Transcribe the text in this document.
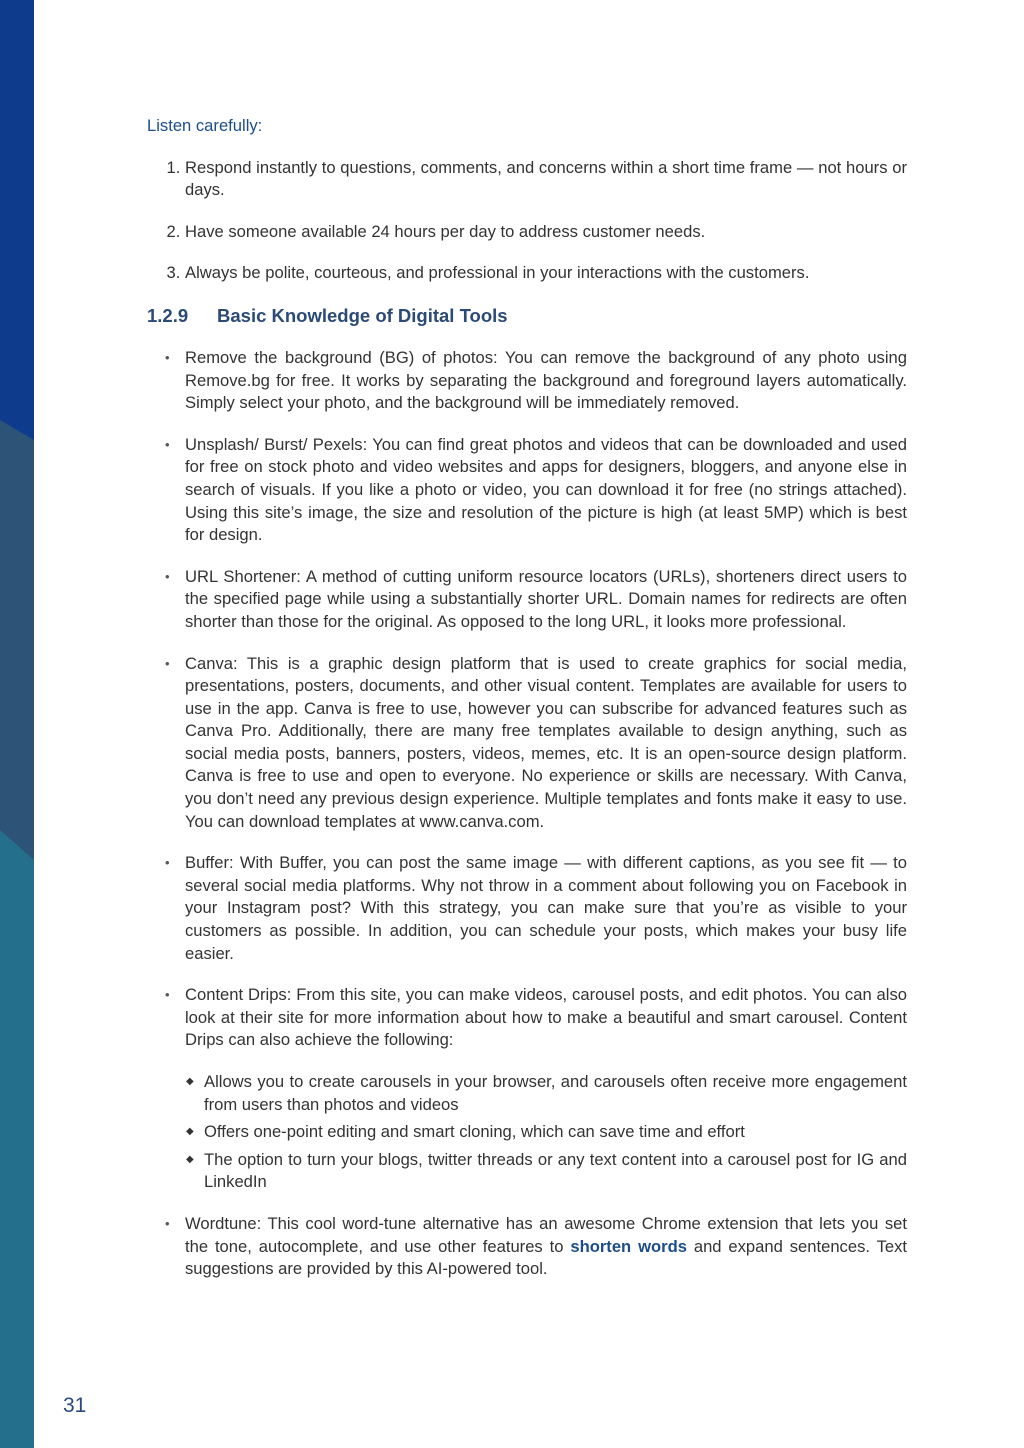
Listen carefully:

1. Respond instantly to questions, comments, and concerns within a short time frame — not hours or days.
2. Have someone available 24 hours per day to address customer needs.
3. Always be polite, courteous, and professional in your interactions with the customers.
1.2.9 Basic Knowledge of Digital Tools
• Remove the background (BG) of photos: You can remove the background of any photo using Remove.bg for free. It works by separating the background and foreground layers automatically. Simply select your photo, and the background will be immediately removed.
• Unsplash/ Burst/ Pexels: You can find great photos and videos that can be downloaded and used for free on stock photo and video websites and apps for designers, bloggers, and anyone else in search of visuals. If you like a photo or video, you can download it for free (no strings attached). Using this site’s image, the size and resolution of the picture is high (at least 5MP) which is best for design.
• URL Shortener: A method of cutting uniform resource locators (URLs), shorteners direct users to the specified page while using a substantially shorter URL. Domain names for redirects are often shorter than those for the original. As opposed to the long URL, it looks more professional.
• Canva: This is a graphic design platform that is used to create graphics for social media, presentations, posters, documents, and other visual content. Templates are available for users to use in the app. Canva is free to use, however you can subscribe for advanced features such as Canva Pro. Additionally, there are many free templates available to design anything, such as social media posts, banners, posters, videos, memes, etc. It is an open-source design platform. Canva is free to use and open to everyone. No experience or skills are necessary. With Canva, you don’t need any previous design experience. Multiple templates and fonts make it easy to use. You can download templates at www.canva.com.
• Buffer: With Buffer, you can post the same image — with different captions, as you see fit — to several social media platforms. Why not throw in a comment about following you on Facebook in your Instagram post? With this strategy, you can make sure that you’re as visible to your customers as possible. In addition, you can schedule your posts, which makes your busy life easier.
• Content Drips: From this site, you can make videos, carousel posts, and edit photos. You can also look at their site for more information about how to make a beautiful and smart carousel. Content Drips can also achieve the following:
◆ Allows you to create carousels in your browser, and carousels often receive more engagement from users than photos and videos
◆ Offers one-point editing and smart cloning, which can save time and effort
◆ The option to turn your blogs, twitter threads or any text content into a carousel post for IG and LinkedIn
• Wordtune: This cool word-tune alternative has an awesome Chrome extension that lets you set the tone, autocomplete, and use other features to shorten words and expand sentences. Text suggestions are provided by this AI-powered tool.
31
